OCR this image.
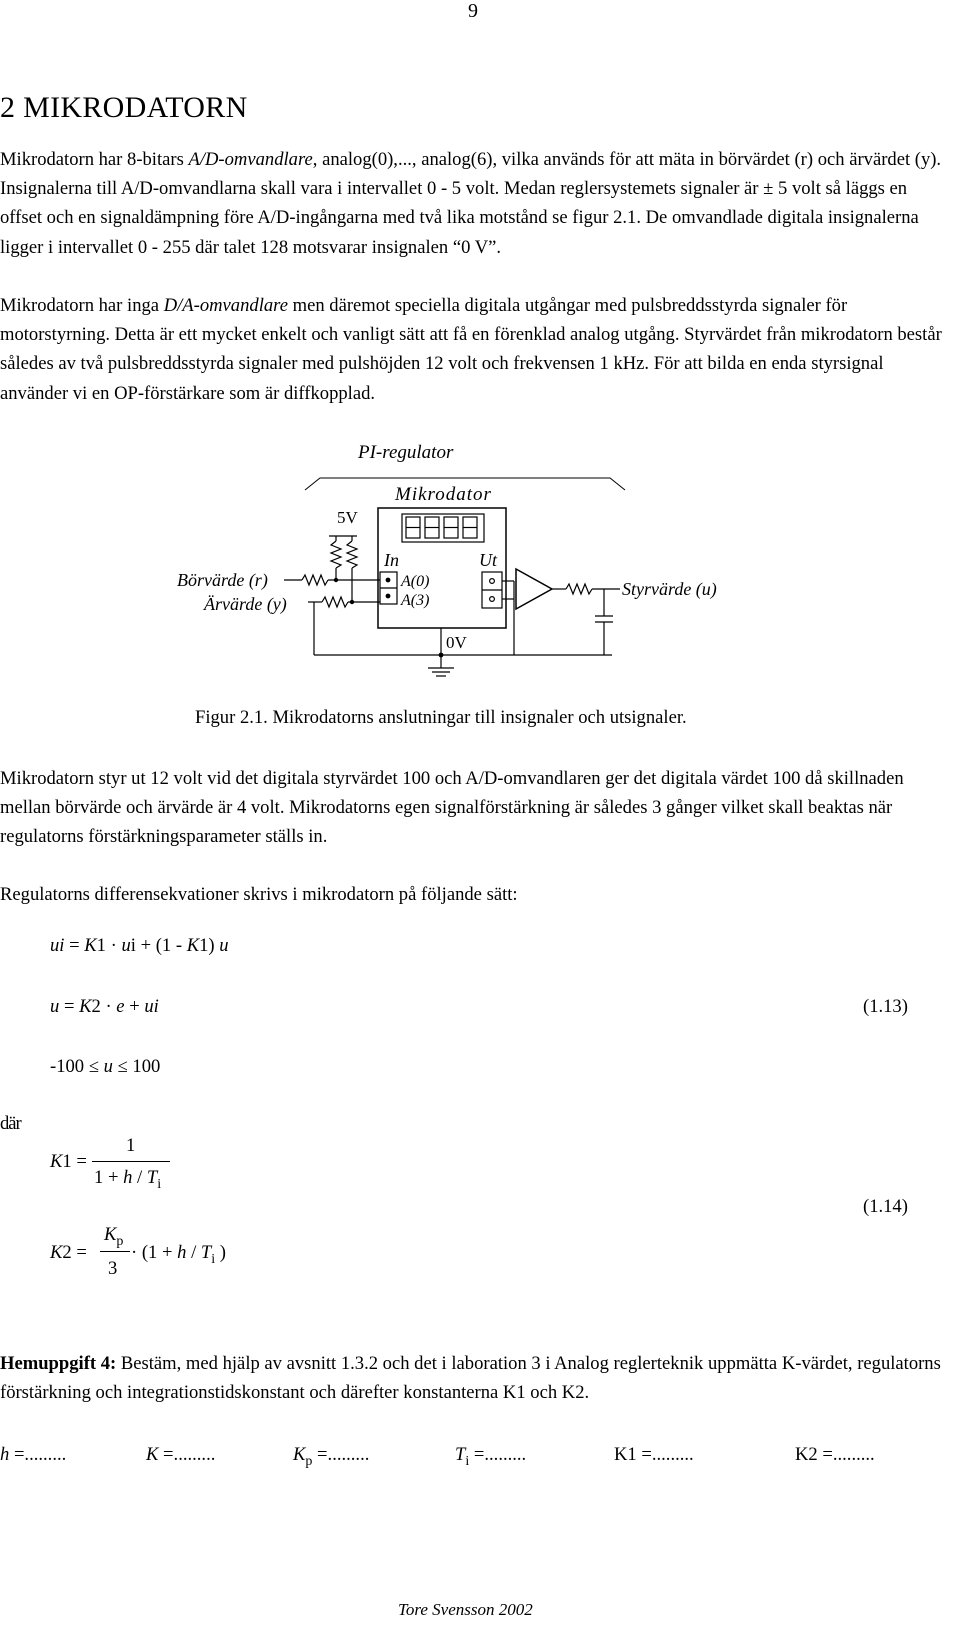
9
2 MIKRODATORN

Mikrodatorn har 8-bitars A/D-omvandlare, analog(0),..., analog(6), vilka används för att mäta in börvärdet (r) och ärvärdet (y). Insignalerna till A/D-omvandlarna skall vara i intervallet 0 - 5 volt. Medan reglersystemets signaler är ± 5 volt så läggs en offset och en signaldämpning före A/D-ingångarna med två lika motstånd se figur 2.1. De omvandlade digitala insignalerna ligger i intervallet 0 - 255 där talet 128 motsvarar insignalen “0 V”.

Mikrodatorn har inga D/A-omvandlare men däremot speciella digitala utgångar med pulsbreddsstyrda signaler för motorstyrning. Detta är ett mycket enkelt och vanligt sätt att få en förenklad analog utgång. Styrvärdet från mikrodatorn består således av två pulsbreddsstyrda signaler med pulshöjden 12 volt och frekvensen 1 kHz. För att bilda en enda styrsignal använder vi en OP-förstärkare som är diffkopplad.

PI-regulator
Mikrodator
5V
In	Ut
A(0)
A(3)
Börvärde (r)
Ärvärde (y)
Styrvärde (u)
0V
Figur 2.1. Mikrodatorns anslutningar till insignaler och utsignaler.

Mikrodatorn styr ut 12 volt vid det digitala styrvärdet 100 och A/D-omvandlaren ger det digitala värdet 100 då skillnaden mellan börvärde och ärvärde är 4 volt. Mikrodatorns egen signalförstärkning är således 3 gånger vilket skall beaktas när regulatorns förstärkningsparameter ställs in.

Regulatorns differensekvationer skrivs i mikrodatorn på följande sätt:

ui = K1 · ui + (1 - K1) u
u = K2 · e + ui	(1.13)
-100 ≤ u ≤ 100
där
K1 =
1
$1 + h / T_i$
(1.14)
K2 =
$K_p$
3
· ($1 + h / T_i$ )

Hemuppgift 4: Bestäm, med hjälp av avsnitt 1.3.2 och det i laboration 3 i Analog reglerteknik uppmätta K-värdet, regulatorns förstärkning och integrationstidskonstant och därefter konstanterna K1 och K2.

h =.........	K =.........	$K_p$ =.........	$T_i$ =.........	K1 =.........	K2 =.........
Tore Svensson 2002
